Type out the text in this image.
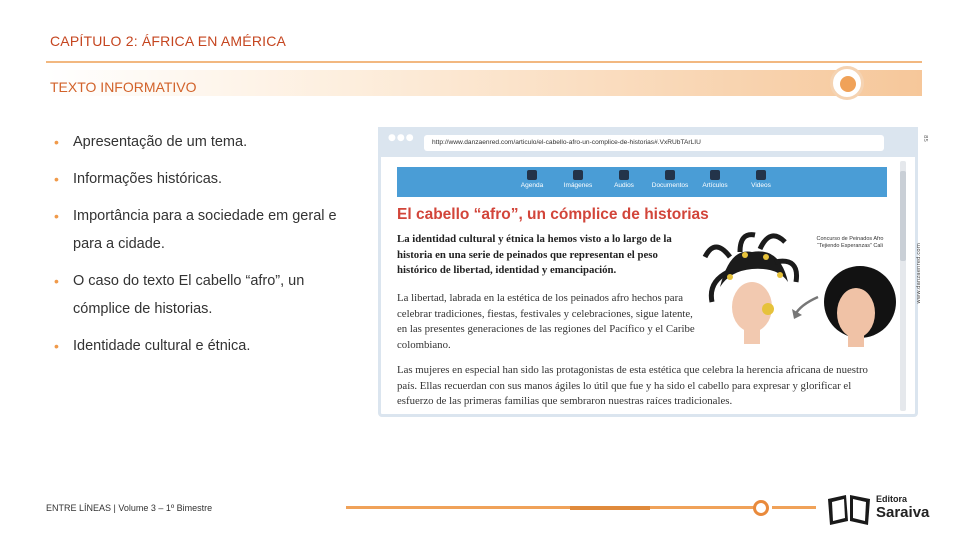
CAPÍTULO 2: ÁFRICA EN AMÉRICA
TEXTO INFORMATIVO
• Apresentação de um tema.
• Informações históricas.
• Importância para a sociedade em geral e para a cidade.
• O caso do texto El cabello “afro”, un cómplice de historias.
• Identidade cultural e étnica.
●●●	http://www.danzaenred.com/articulo/el-cabello-afro-un-complice-de-historias#.VxRUbTArLIU
85
Agenda	Imágenes	Audios	Documentos	Artículos	Videos
El cabello “afro”, un cómplice de historias
La identidad cultural y étnica la hemos visto a lo largo de la historia en una serie de peinados que representan el peso histórico de libertad, identidad y emancipación.
La libertad, labrada en la estética de los peinados afro hechos para celebrar tradiciones, fiestas, festivales y celebraciones, sigue latente, en las presentes generaciones de las regiones del Pacífico y el Caribe colombiano.
Las mujeres en especial han sido las protagonistas de esta estética que celebra la herencia africana de nuestro país. Ellas recuerdan con sus manos ágiles lo útil que fue y ha sido el cabello para expresar y glorificar el esfuerzo de las primeras familias que sembraron nuestras raíces tradicionales.
Concurso de Peinados Afro “Tejiendo Esperanzas” Cali	www.danzaenred.com
ENTRE LÍNEAS | Volume 3 – 1º Bimestre
Editora
Saraiva
